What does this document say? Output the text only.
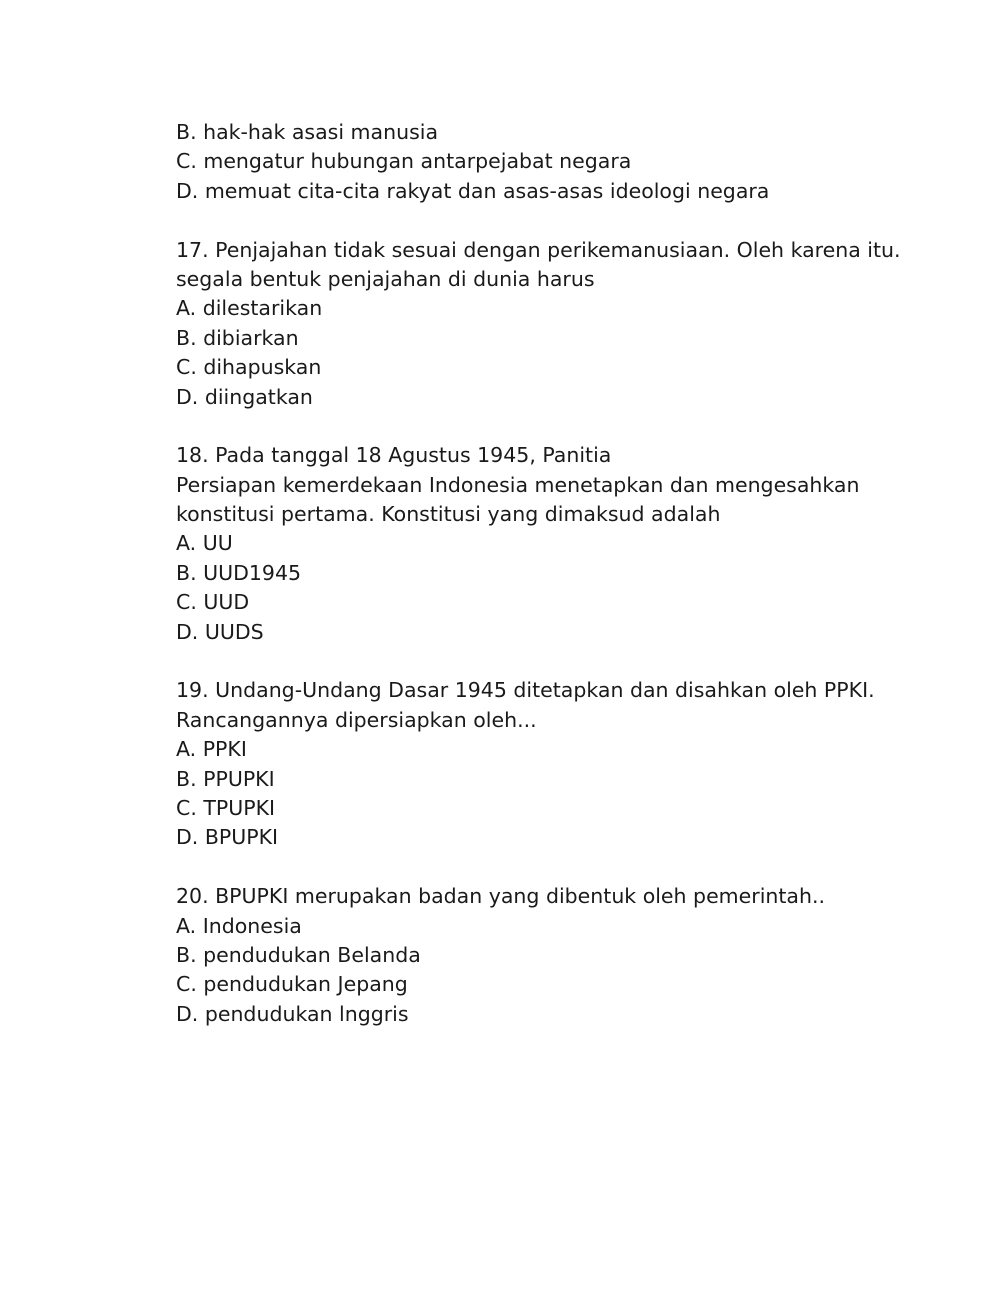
B. hak-hak asasi manusia
C. mengatur hubungan antarpejabat negara
D. memuat cita-cita rakyat dan asas-asas ideologi negara
17. Penjajahan tidak sesuai dengan perikemanusiaan. Oleh karena itu.
segala bentuk penjajahan di dunia harus
A. dilestarikan
B. dibiarkan
C. dihapuskan
D. diingatkan
18. Pada tanggal 18 Agustus 1945, Panitia
Persiapan kemerdekaan Indonesia menetapkan dan mengesahkan
konstitusi pertama. Konstitusi yang dimaksud adalah
A. UU
B. UUD1945
C. UUD
D. UUDS
19. Undang-Undang Dasar 1945 ditetapkan dan disahkan oleh PPKI.
Rancangannya dipersiapkan oleh...
A. PPKI
B. PPUPKI
C. TPUPKI
D. BPUPKI
20. BPUPKI merupakan badan yang dibentuk oleh pemerintah..
A. Indonesia
B. pendudukan Belanda
C. pendudukan Jepang
D. pendudukan lnggris
